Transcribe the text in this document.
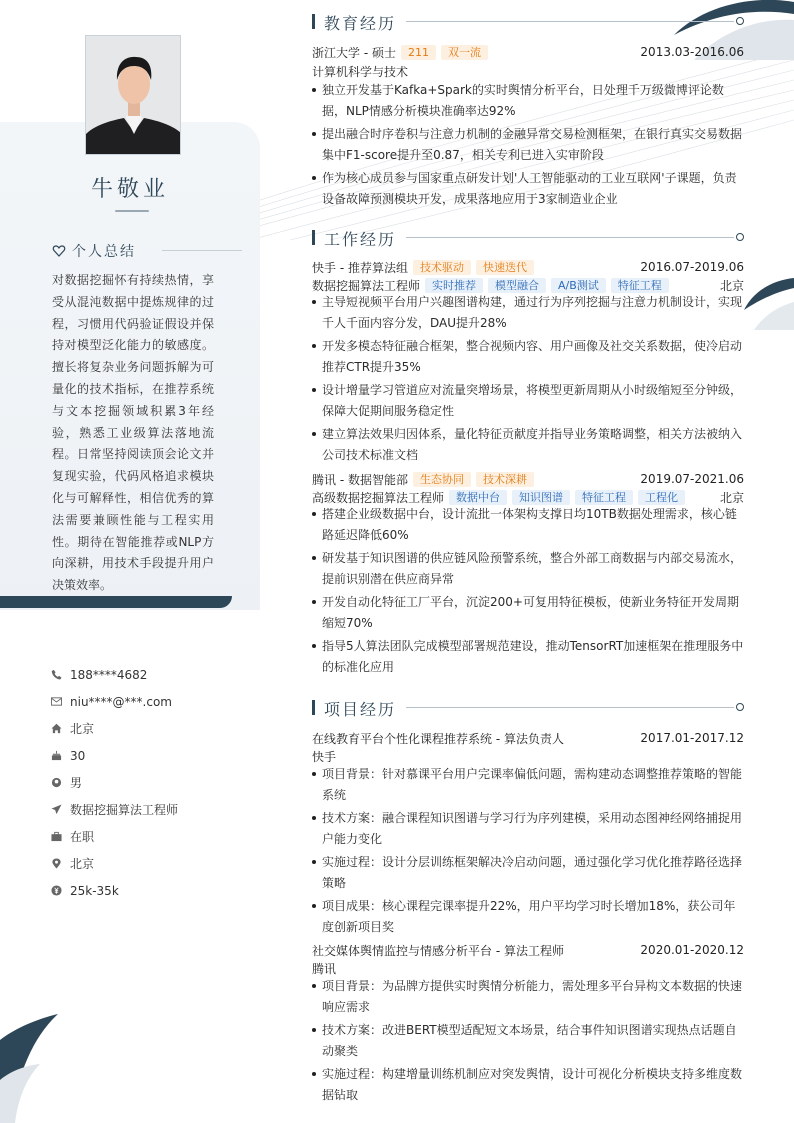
牛敬业
个人总结

对数据挖掘怀有持续热情，享受从混沌数据中提炼规律的过程，习惯用代码验证假设并保持对模型泛化能力的敏感度。擅长将复杂业务问题拆解为可量化的技术指标，在推荐系统与文本挖掘领域积累3年经验，熟悉工业级算法落地流程。日常坚持阅读顶会论文并复现实验，代码风格追求模块化与可解释性，相信优秀的算法需要兼顾性能与工程实用性。期待在智能推荐或NLP方向深耕，用技术手段提升用户决策效率。

188****4682
niu****@***.com
北京
30
男
数据挖掘算法工程师
在职
北京
25k-35k
教育经历
浙江大学 - 硕士	211	双一流	2013.03-2016.06
计算机科学与技术
独立开发基于Kafka+Spark的实时舆情分析平台，日处理千万级微博评论数据，NLP情感分析模块准确率达92%
提出融合时序卷积与注意力机制的金融异常交易检测框架，在银行真实交易数据集中F1-score提升至0.87，相关专利已进入实审阶段
作为核心成员参与国家重点研发计划'人工智能驱动的工业互联网'子课题，负责设备故障预测模块开发，成果落地应用于3家制造业企业
工作经历
快手 - 推荐算法组	技术驱动	快速迭代	2016.07-2019.06
数据挖掘算法工程师	实时推荐	模型融合	A/B测试	特征工程	北京
主导短视频平台用户兴趣图谱构建，通过行为序列挖掘与注意力机制设计，实现千人千面内容分发，DAU提升28%
开发多模态特征融合框架，整合视频内容、用户画像及社交关系数据，使冷启动推荐CTR提升35%
设计增量学习管道应对流量突增场景，将模型更新周期从小时级缩短至分钟级，保障大促期间服务稳定性
建立算法效果归因体系，量化特征贡献度并指导业务策略调整，相关方法被纳入公司技术标准文档
腾讯 - 数据智能部	生态协同	技术深耕	2019.07-2021.06
高级数据挖掘算法工程师	数据中台	知识图谱	特征工程	工程化	北京
搭建企业级数据中台，设计流批一体架构支撑日均10TB数据处理需求，核心链路延迟降低60%
研发基于知识图谱的供应链风险预警系统，整合外部工商数据与内部交易流水，提前识别潜在供应商异常
开发自动化特征工厂平台，沉淀200+可复用特征模板，使新业务特征开发周期缩短70%
指导5人算法团队完成模型部署规范建设，推动TensorRT加速框架在推理服务中的标准化应用
项目经历
在线教育平台个性化课程推荐系统 - 算法负责人	2017.01-2017.12
快手
项目背景：针对慕课平台用户完课率偏低问题，需构建动态调整推荐策略的智能系统
技术方案：融合课程知识图谱与学习行为序列建模，采用动态图神经网络捕捉用户能力变化
实施过程：设计分层训练框架解决冷启动问题，通过强化学习优化推荐路径选择策略
项目成果：核心课程完课率提升22%，用户平均学习时长增加18%，获公司年度创新项目奖
社交媒体舆情监控与情感分析平台 - 算法工程师	2020.01-2020.12
腾讯
项目背景：为品牌方提供实时舆情分析能力，需处理多平台异构文本数据的快速响应需求
技术方案：改进BERT模型适配短文本场景，结合事件知识图谱实现热点话题自动聚类
实施过程：构建增量训练机制应对突发舆情，设计可视化分析模块支持多维度数据钻取
